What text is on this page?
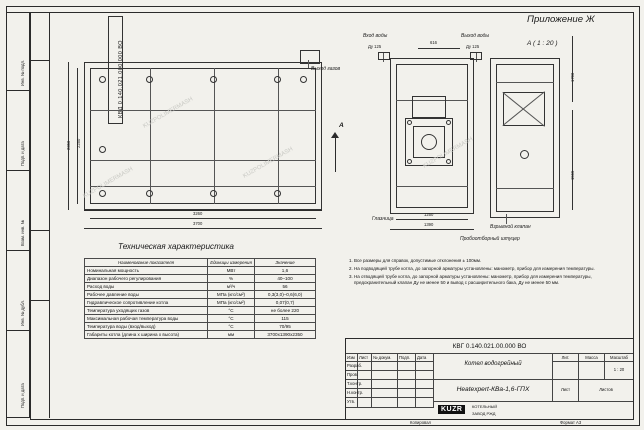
Инв. № подл.
Подп. и дата
Взам. инв. №
Инв. № дубл.
Подп. и дата
КВД 0.140.021.000 000 ВО
Приложение Ж
A ( 1 : 20 )
Выход газов
3260
3700
2350 2250
A
Вход воды
Ду 125
Выход воды
Ду 125
616
1250
1390
Глазница
1700
1565
Взрывной клапан
Пробоотборный штуцер
Техническая характеристика
Наименование показателя	Единицы измерения	Значение
Номинальная мощность	МВт	1,6
Диапазон рабочего регулирования	%	40–100
Расход воды	м³/ч	56
Рабочее давление воды	МПа (кгс/см²)	0,3(3,0)–0,6(6,0)
Гидравлическое сопротивление котла	МПа (кгс/см²)	0,07(0,7)
Температура уходящих газов	°C	не более 220
Максимальная рабочая температура воды	°C	115
Температура воды (вход/выход)	°C	70/95
Габариты котла (длина х ширина х высота)	мм	3700х1390х2350
1. Все размеры для справок, допустимые отклонения ± 100мм.
2. На подводящей трубе котла, до запорной арматуры установлены: манометр, прибор для измерения температуры.
3. На отводящей трубе котла, до запорной арматуры установлены: манометр, прибор для измерения температуры, предохранительный клапан Ду не менее 50 и вывод с расширительного бака, Ду не менее 50 мм.
КВГ 0.140.021.00.000 ВО
Изм Лист	№ докум.	Подп.	Дата
Разраб.
Пров.
Т.контр.
Н.контр.
Утв.
Котел водогрейный
Heatexpert-КВа-1,6-ГПХ
Лит.	Масса	Масштаб
1 : 20
Лист	Листов
KUZR	КОТЕЛЬНЫЙ
ЗАВОД РЖД
Копировал	Формат A3
KUZPOLIMERMASH
KUZPOLIMERMASH
KUZPOLIMERMASH
KUZPOLIMERMASH
